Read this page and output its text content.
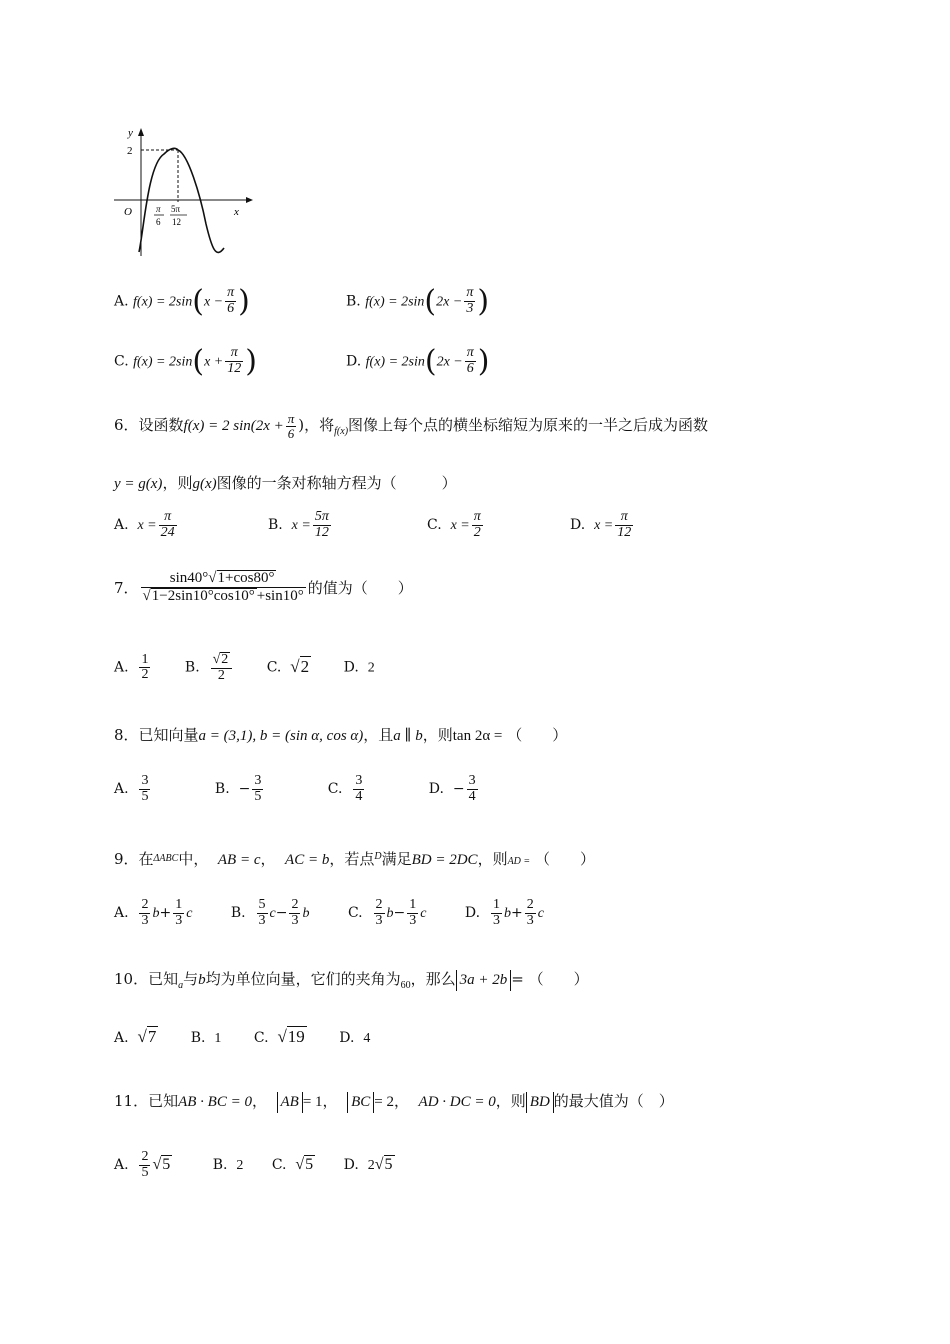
y
x
O
2
π
6
5π
12
A. $f(x) = 2\sin(x - \frac{\pi}{6}$ )	B. $f(x) = 2\sin(2x - \frac{\pi}{3}$ )
C. $f(x) = 2\sin(x + \frac{\pi}{12}$ )	D. $f(x) = 2\sin(2x - \frac{\pi}{6}$ )
6．设函数f(x) = 2 $\sin(2x + \frac{\pi}{6}$ )，将$_{f(x)}$图像上每个点的横坐标缩短为原来的一半之后成为函数
y = g(x)，则g(x)图像的一条对称轴方程为（　　　）
A. $x = \frac{\pi}{24}$	B. $x = \frac{5\pi}{12}$	C. $x = \frac{\pi}{2}$	D. $x = \frac{\pi}{12}$
7． $\frac{\sin 40^\circ√1+\cos 80^\circ}{√1-2\sin 10^\circ\cos 10^\circ +\sin 10^\circ}$ 的值为（　　）
A. $\frac{1}{2} B$. $\frac{√2}{2} C$. √2 D. 2
8．已知向量a = (3,1), b = (sin α, cos α)，且a ∥ b，则tan 2α = （　　）
A. $\frac{3}{5}$	B. − $\frac{3}{5}$	C. $\frac{3}{4}$	D. − $\frac{3}{4}$
9．在$^{\Delta ABC}$中， AB = c，  AC = b，若点$^D$满足BD = 2DC，则AD = （　　）
A. $\frac{2}{3} b+ \frac{1}{3}$ c	B. $\frac{5}{3} c- \frac{2}{3}$ b	C. $\frac{2}{3} b- \frac{1}{3}$ c	D. $\frac{1}{3} b+ \frac{2}{3}$ c
10．已知$_a$与b均为单位向量，它们的夹角为$_{60}$，那么 3a + 2b = （　　）
A. √7 B. 1 C. √19 D. 4
11．已知AB · BC = 0，  AB = 1， BC = 2， AD · DC = 0，则 BD 的最大值为（　）
A. $\frac{2}{5} √5$	B. 2 C. √5 D. 2√5
